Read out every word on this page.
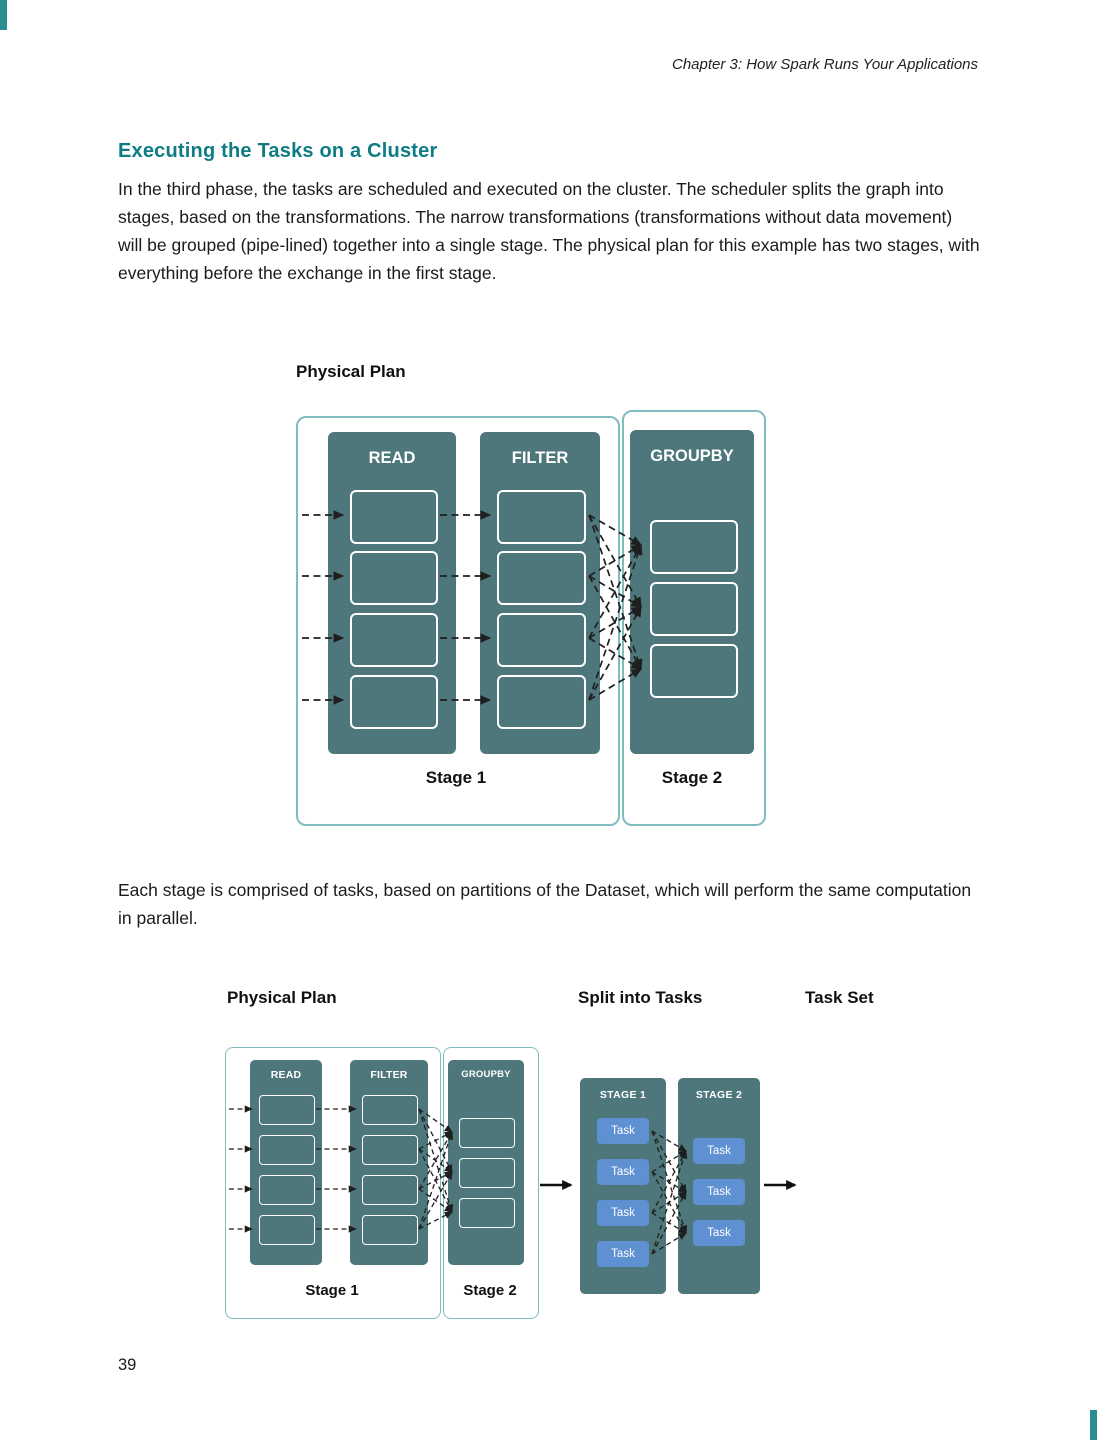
Chapter 3: How Spark Runs Your Applications
Executing the Tasks on a Cluster
In the third phase, the tasks are scheduled and executed on the cluster. The scheduler splits the graph into stages, based on the transformations. The narrow transformations (transformations without data movement) will be grouped (pipe-lined) together into a single stage. The physical plan for this example has two stages, with everything before the exchange in the first stage.
Physical Plan
READ	FILTER	GROUPBY
Stage 1	Stage 2
Each stage is comprised of tasks, based on partitions of the Dataset, which will perform the same computation in parallel.
Physical Plan	Split into Tasks	Task Set
READ	FILTER	GROUPBY
Stage 1	Stage 2
STAGE 1
Task
Task
Task
Task
STAGE 2
Task
Task
Task
39
